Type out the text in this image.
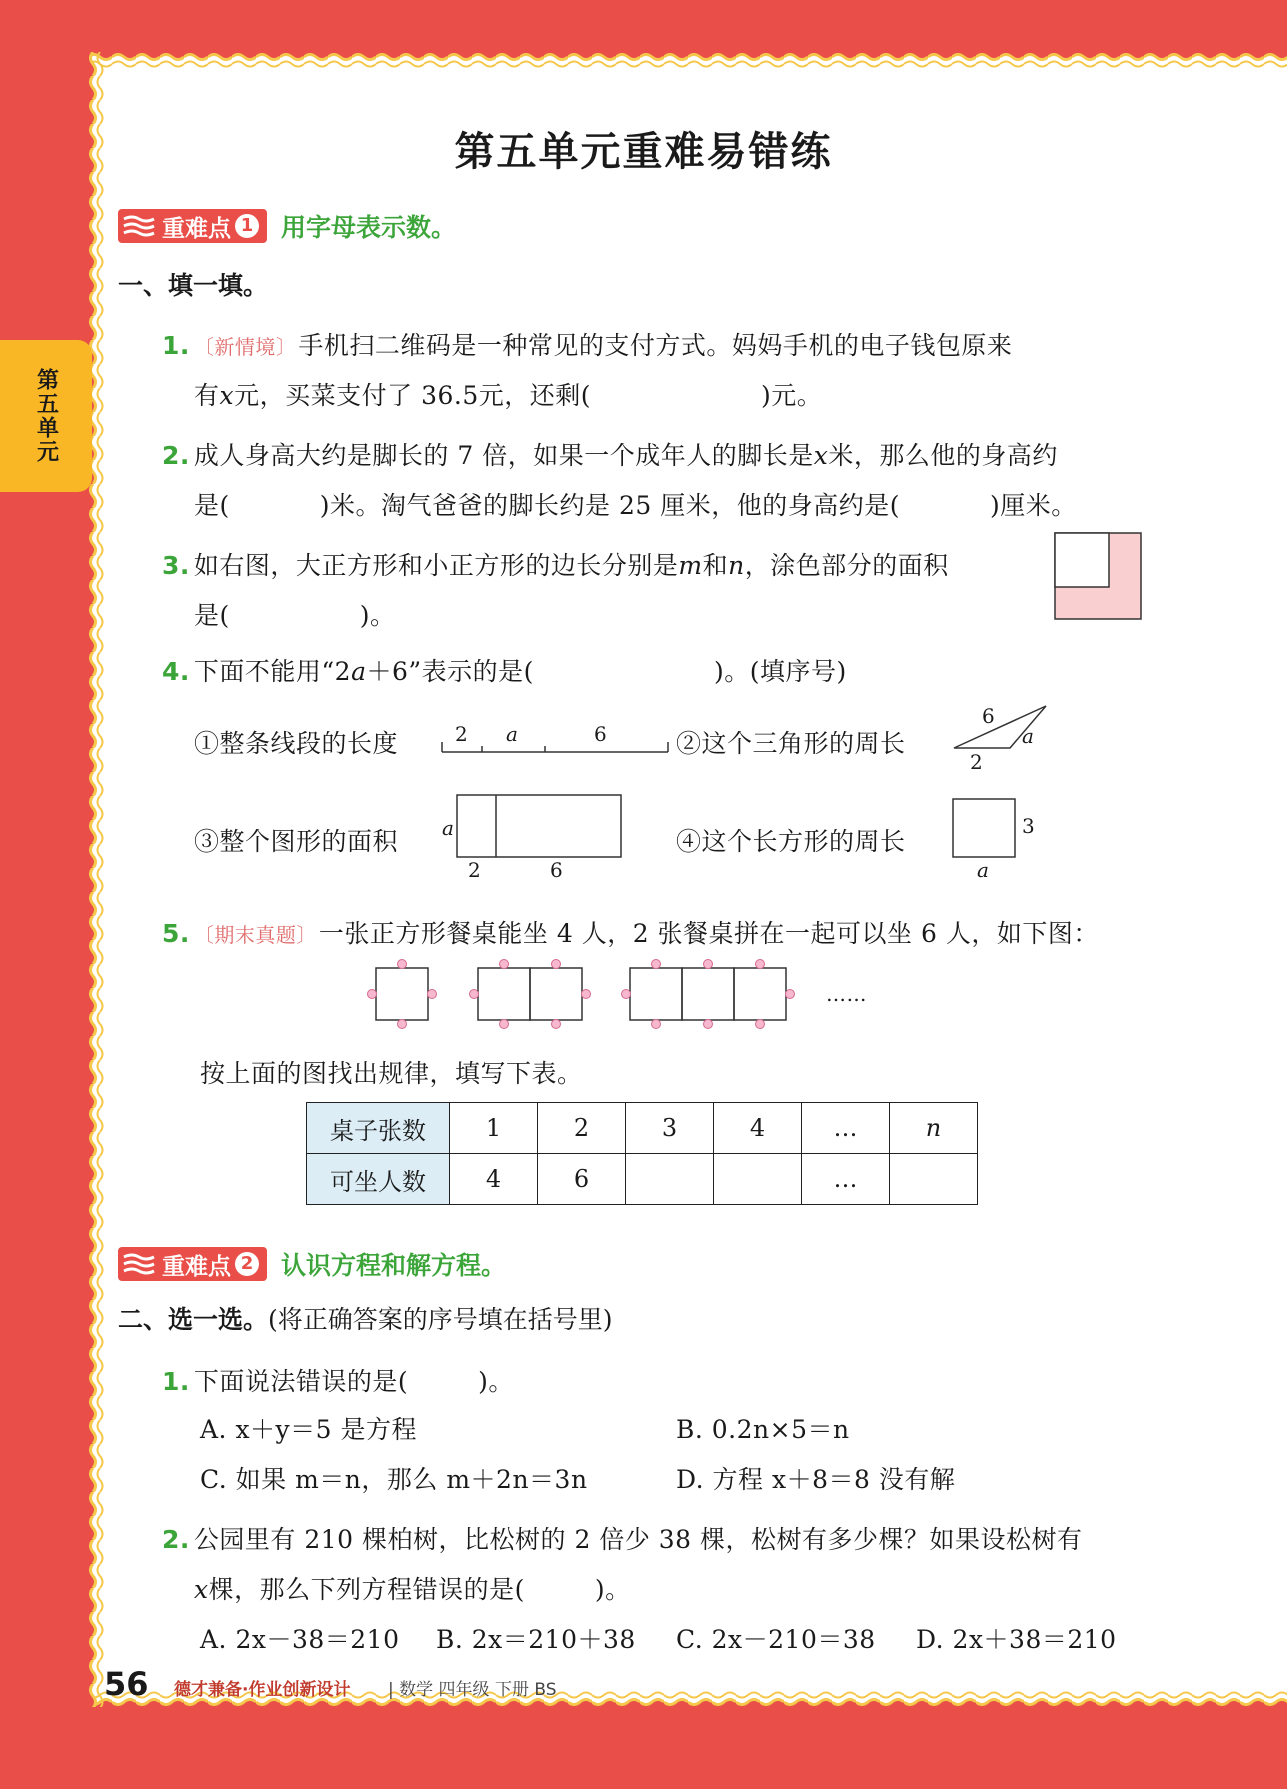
第五单元
第五单元重难易错练
重难点 1 用字母表示数。
一、填一填。
1. 〔新情境〕手机扫二维码是一种常见的支付方式。妈妈手机的电子钱包原来
有x元，买菜支付了 36.5元，还剩(	)元。
2. 成人身高大约是脚长的 7 倍，如果一个成年人的脚长是x米，那么他的身高约
是(	)米。淘气爸爸的脚长约是 25 厘米，他的身高约是(	)厘米。
3. 如右图，大正方形和小正方形的边长分别是m和n，涂色部分的面积
是(	)。
4. 下面不能用“2a＋6”表示的是(	)。(填序号)
①整条线段的长度	2 a	6	②这个三角形的周长
6
a
2
③整个图形的面积 a
2	6
④这个长方形的周长
3
a
5. 〔期末真题〕一张正方形餐桌能坐 4 人，2 张餐桌拼在一起可以坐 6 人，如下图：
……
按上面的图找出规律，填写下表。
桌子张数	1	2	3	4	…	n
可坐人数	4	6			…	
重难点 2 认识方程和解方程。
二、选一选。(将正确答案的序号填在括号里)
1. 下面说法错误的是(	)。
A. x＋y＝5 是方程	B. 0.2n×5＝n
C. 如果 m＝n，那么 m＋2n＝3n	D. 方程 x＋8＝8 没有解
2. 公园里有 210 棵柏树，比松树的 2 倍少 38 棵，松树有多少棵？如果设松树有
x棵，那么下列方程错误的是(	)。
A. 2x－38＝210 B. 2x＝210＋38 C. 2x－210＝38 D. 2x＋38＝210
56 德才兼备·作业创新设计 | 数学 四年级 下册 BS
